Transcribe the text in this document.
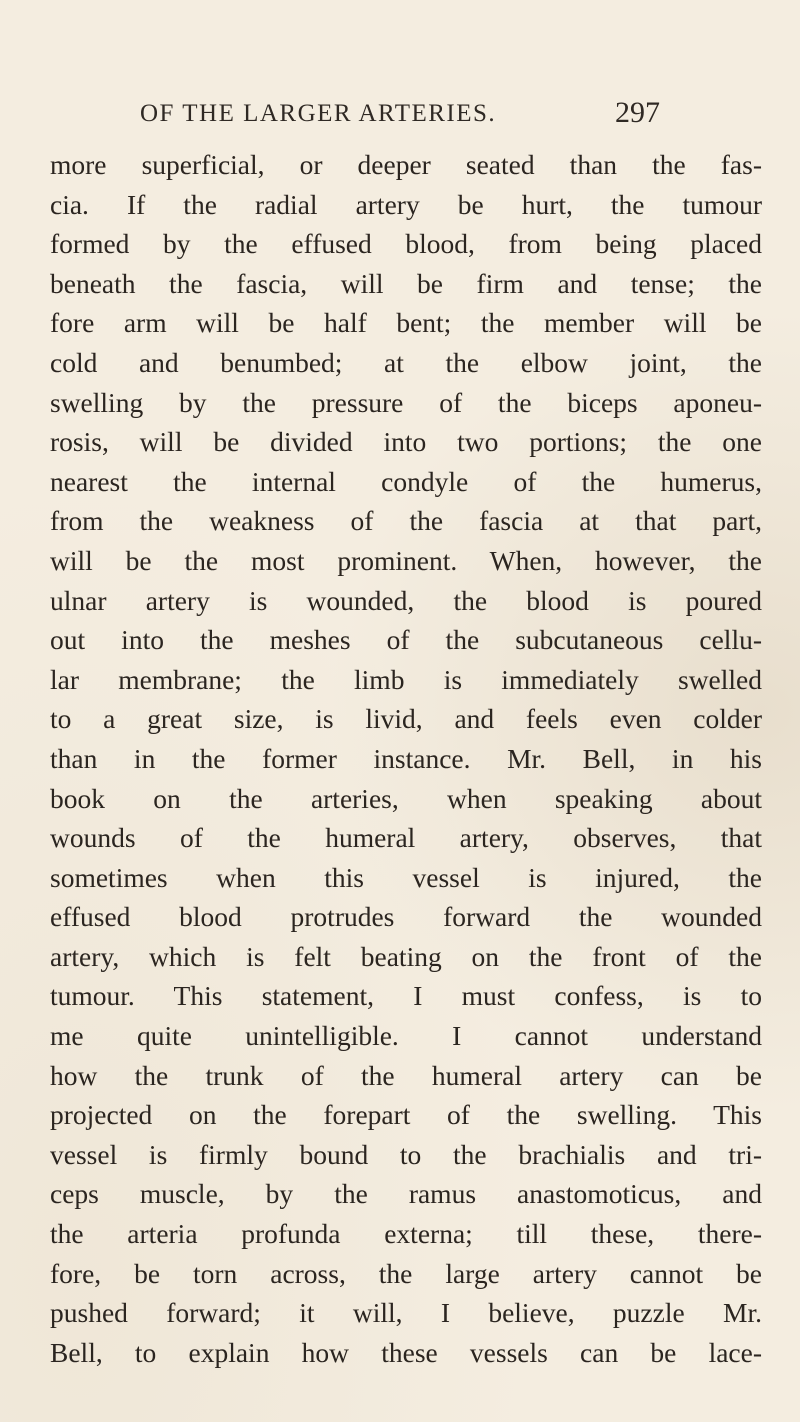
OF THE LARGER ARTERIES.	297
more superficial, or deeper seated than the fas-
cia. If the radial artery be hurt, the tumour
formed by the effused blood, from being placed
beneath the fascia, will be firm and tense; the
fore arm will be half bent; the member will be
cold and benumbed; at the elbow joint, the
swelling by the pressure of the biceps aponeu-
rosis, will be divided into two portions; the one
nearest the internal condyle of the humerus,
from the weakness of the fascia at that part,
will be the most prominent. When, however, the
ulnar artery is wounded, the blood is poured
out into the meshes of the subcutaneous cellu-
lar membrane; the limb is immediately swelled
to a great size, is livid, and feels even colder
than in the former instance. Mr. Bell, in his
book on the arteries, when speaking about
wounds of the humeral artery, observes, that
sometimes when this vessel is injured, the
effused blood protrudes forward the wounded
artery, which is felt beating on the front of the
tumour. This statement, I must confess, is to
me quite unintelligible. I cannot understand
how the trunk of the humeral artery can be
projected on the forepart of the swelling. This
vessel is firmly bound to the brachialis and tri-
ceps muscle, by the ramus anastomoticus, and
the arteria profunda externa; till these, there-
fore, be torn across, the large artery cannot be
pushed forward; it will, I believe, puzzle Mr.
Bell, to explain how these vessels can be lace-
